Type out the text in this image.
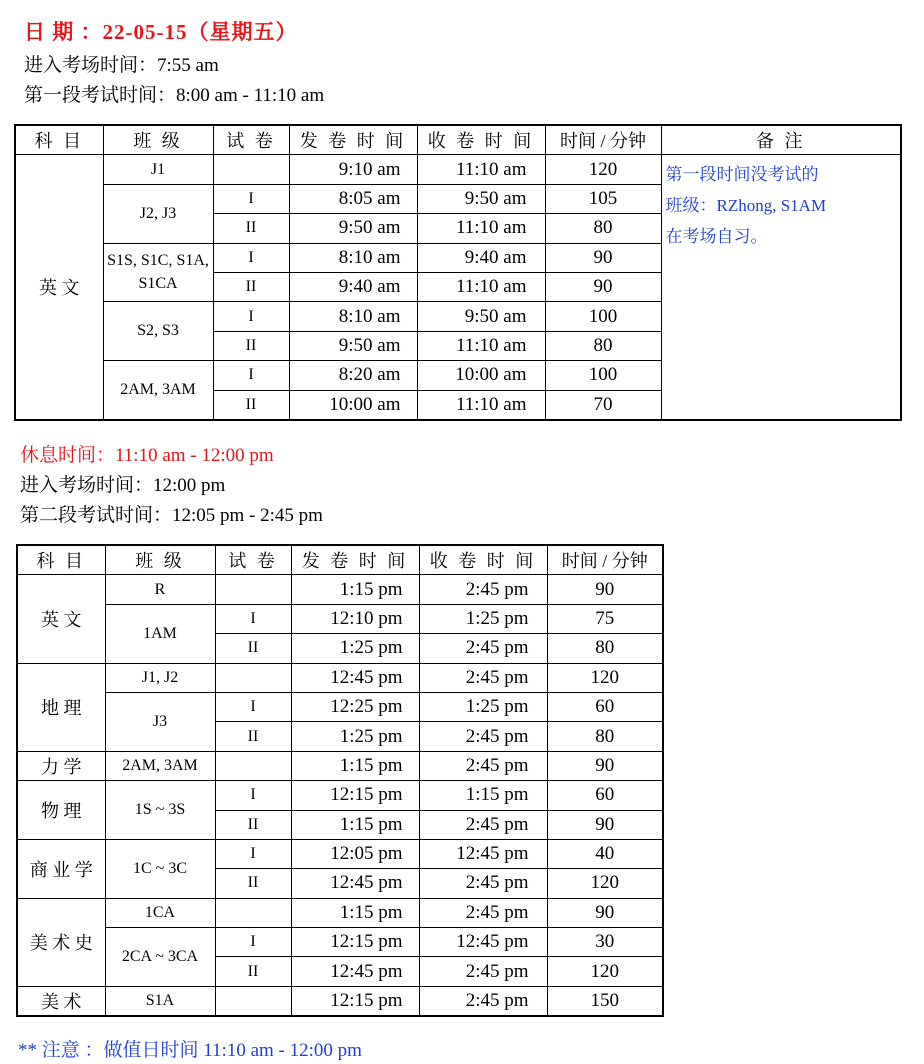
日 期 ：22-05-15（星期五）
进入考场时间：7:55 am
第一段考试时间：8:00 am - 11:10 am
科 目	班 级	试 卷	发 卷 时 间	收 卷 时 间	时间 / 分钟	备 注
英 文	J1		9:10 am	11:10 am	120	第一段时间没考试的
班级：RZhong, S1AM
在考场自习。

	J2, J3	I	8:05 am	9:50 am	105	
		II	9:50 am	11:10 am	80	
	S1S, S1C, S1A, S1CA	I	8:10 am	9:40 am	90	
		II	9:40 am	11:10 am	90	
	S2, S3	I	8:10 am	9:50 am	100	
		II	9:50 am	11:10 am	80	
	2AM, 3AM	I	8:20 am	10:00 am	100	
		II	10:00 am	11:10 am	70	
休息时间：11:10 am - 12:00 pm
进入考场时间：12:00 pm
第二段考试时间：12:05 pm - 2:45 pm
科 目	班 级	试 卷	发 卷 时 间	收 卷 时 间	时间 / 分钟
英 文	R		1:15 pm	2:45 pm	90
	1AM	I	12:10 pm	1:25 pm	75
		II	1:25 pm	2:45 pm	80
地 理	J1, J2		12:45 pm	2:45 pm	120
	J3	I	12:25 pm	1:25 pm	60
		II	1:25 pm	2:45 pm	80
力 学	2AM, 3AM		1:15 pm	2:45 pm	90
物 理	1S ~ 3S	I	12:15 pm	1:15 pm	60
		II	1:15 pm	2:45 pm	90
商 业 学	1C ~ 3C	I	12:05 pm	12:45 pm	40
		II	12:45 pm	2:45 pm	120
美 术 史	1CA		1:15 pm	2:45 pm	90
	2CA ~ 3CA	I	12:15 pm	12:45 pm	30
		II	12:45 pm	2:45 pm	120
美 术	S1A		12:15 pm	2:45 pm	150
** 注意 ：做值日时间 11:10 am - 12:00 pm
